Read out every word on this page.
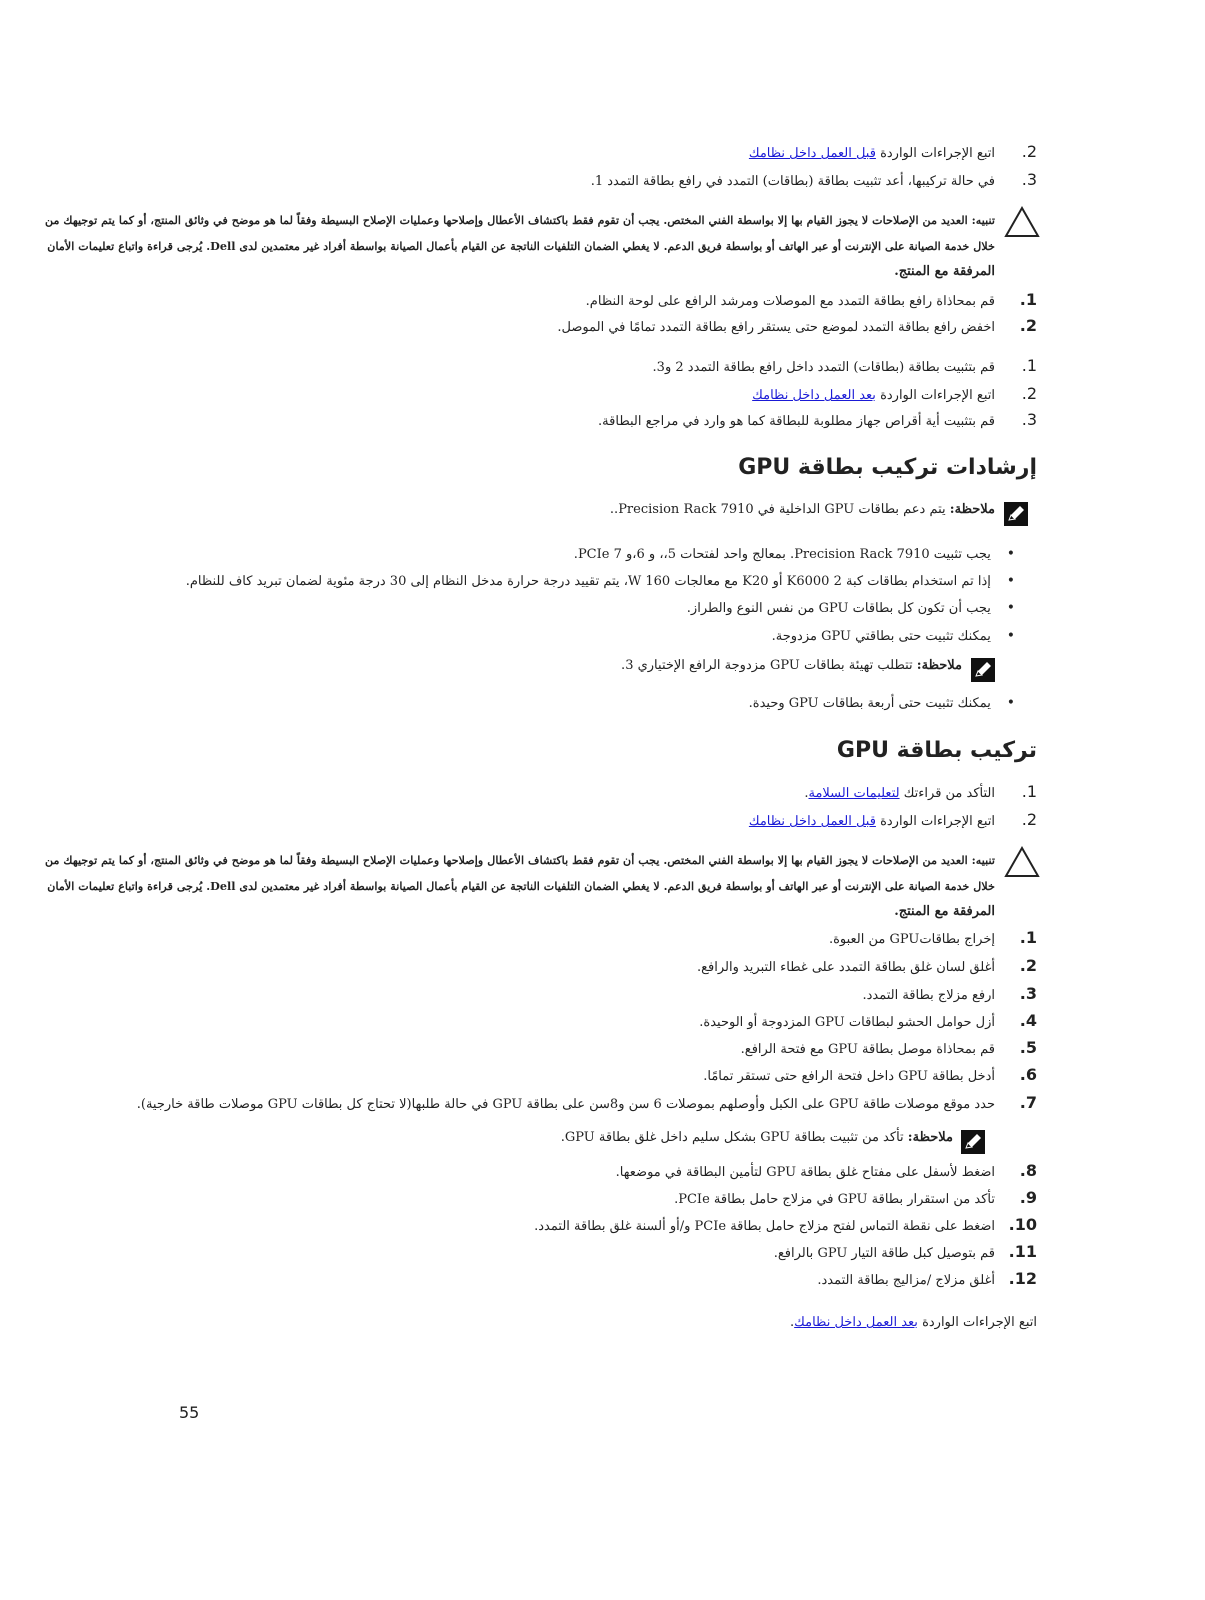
2.اتبع الإجراءات الواردة قبل العمل داخل نظامك
3.في حالة تركيبها، أعد تثبيت بطاقة (بطاقات) التمدد في رافع بطاقة التمدد 1.
تنبيه: العديد من الإصلاحات لا يجوز القيام بها إلا بواسطة الفني المختص. يجب أن تقوم فقط باكتشاف الأعطال وإصلاحها وعمليات الإصلاح البسيطة وفقاً لما هو موضح في وثائق المنتج، أو كما يتم توجيهك من
خلال خدمة الصيانة على الإنترنت أو عبر الهاتف أو بواسطة فريق الدعم. لا يغطي الضمان التلفيات الناتجة عن القيام بأعمال الصيانة بواسطة أفراد غير معتمدين لدى Dell. يُرجى قراءة واتباع تعليمات الأمان
المرفقة مع المنتج.
1.قم بمحاذاة رافع بطاقة التمدد مع الموصلات ومرشد الرافع على لوحة النظام.
2.اخفض رافع بطاقة التمدد لموضع حتى يستقر رافع بطاقة التمدد تمامًا في الموصل.
1.قم بتثبيت بطاقة (بطاقات) التمدد داخل رافع بطاقة التمدد 2 و3.
2.اتبع الإجراءات الواردة بعد العمل داخل نظامك
3.قم بتثبيت أية أقراص جهاز مطلوبة للبطاقة كما هو وارد في مراجع البطاقة.
إرشادات تركيب بطاقة GPU
ملاحظة: يتم دعم بطاقات GPU الداخلية في Precision Rack 7910..
• يجب تثبيت Precision Rack 7910. بمعالج واحد لفتحات 5،، و 6،و 7 PCIe.
• إذا تم استخدام بطاقات كبة K6000 2 أو K20 مع معالجات W 160، يتم تقييد درجة حرارة مدخل النظام إلى 30 درجة مئوية لضمان تبريد كاف للنظام.
• يجب أن تكون كل بطاقات GPU من نفس النوع والطراز.
• يمكنك تثبيت حتى بطاقتي GPU مزدوجة.
ملاحظة: تتطلب تهيئة بطاقات GPU مزدوجة الرافع الإختياري 3.
• يمكنك تثبيت حتى أربعة بطاقات GPU وحيدة.
تركيب بطاقة GPU
1.التأكد من قراءتك لتعليمات السلامة.
2.اتبع الإجراءات الواردة قبل العمل داخل نظامك
تنبيه: العديد من الإصلاحات لا يجوز القيام بها إلا بواسطة الفني المختص. يجب أن تقوم فقط باكتشاف الأعطال وإصلاحها وعمليات الإصلاح البسيطة وفقاً لما هو موضح في وثائق المنتج، أو كما يتم توجيهك من
خلال خدمة الصيانة على الإنترنت أو عبر الهاتف أو بواسطة فريق الدعم. لا يغطي الضمان التلفيات الناتجة عن القيام بأعمال الصيانة بواسطة أفراد غير معتمدين لدى Dell. يُرجى قراءة واتباع تعليمات الأمان
المرفقة مع المنتج.
1.إخراج بطاقاتGPU من العبوة.
2.أغلق لسان غلق بطاقة التمدد على غطاء التبريد والرافع.
3.ارفع مزلاج بطاقة التمدد.
4.أزل حوامل الحشو لبطاقات GPU المزدوجة أو الوحيدة.
5.قم بمحاذاة موصل بطاقة GPU مع فتحة الرافع.
6.أدخل بطاقة GPU داخل فتحة الرافع حتى تستقر تمامًا.
7.حدد موقع موصلات طاقة GPU على الكبل وأوصلهم بموصلات 6 سن و8سن على بطاقة GPU في حالة طلبها(لا تحتاج كل بطاقات GPU موصلات طاقة خارجية).
ملاحظة: تأكد من تثبيت بطاقة GPU بشكل سليم داخل غلق بطاقة GPU.
8.اضغط لأسفل على مفتاح غلق بطاقة GPU لتأمين البطاقة في موضعها.
9.تأكد من استقرار بطاقة GPU في مزلاج حامل بطاقة PCIe.
10.اضغط على نقطة التماس لفتح مزلاج حامل بطاقة PCIe و/أو ألسنة غلق بطاقة التمدد.
11.قم بتوصيل كبل طاقة التيار GPU بالرافع.
12.أغلق مزلاج /مزاليج بطاقة التمدد.
اتبع الإجراءات الواردة بعد العمل داخل نظامك.
55
